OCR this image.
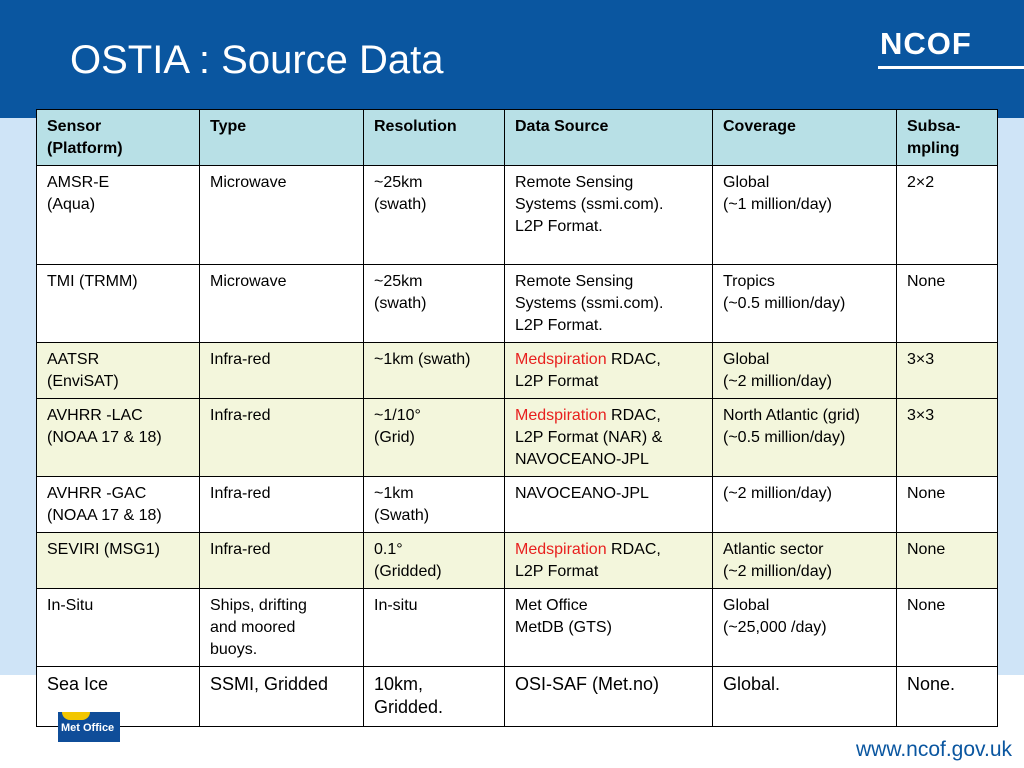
OSTIA : Source Data	NCOF
Sensor
(Platform)	Type	Resolution	Data Source	Coverage	Subsa-
mpling

AMSR-E
(Aqua)	Microwave	~25km
(swath)	Remote Sensing
Systems (ssmi.com).
L2P Format.	Global
(~1 million/day)	2×2

TMI (TRMM)	Microwave	~25km
(swath)	Remote Sensing
Systems (ssmi.com).
L2P Format.	Tropics
(~0.5 million/day)	None

AATSR
(EnviSAT)	Infra-red	~1km (swath)	Medspiration RDAC,
L2P Format	Global
(~2 million/day)	3×3

AVHRR -LAC
(NOAA 17 & 18)	Infra-red	~1/10°
(Grid)	Medspiration RDAC,
L2P Format (NAR) &
NAVOCEANO-JPL	North Atlantic (grid)
(~0.5 million/day)	3×3

AVHRR -GAC
(NOAA 17 & 18)	Infra-red	~1km
(Swath)	NAVOCEANO-JPL	(~2 million/day)	None

SEVIRI (MSG1)	Infra-red	0.1°
(Gridded)	Medspiration RDAC,
L2P Format	Atlantic sector
(~2 million/day)	None

In-Situ	Ships, drifting
and moored
buoys.	In-situ	Met Office
MetDB (GTS)	Global
(~25,000 /day)	None

Sea Ice	SSMI, Gridded	10km,
Gridded.	OSI-SAF (Met.no)	Global.	None.
Met Office
www.ncof.gov.uk
